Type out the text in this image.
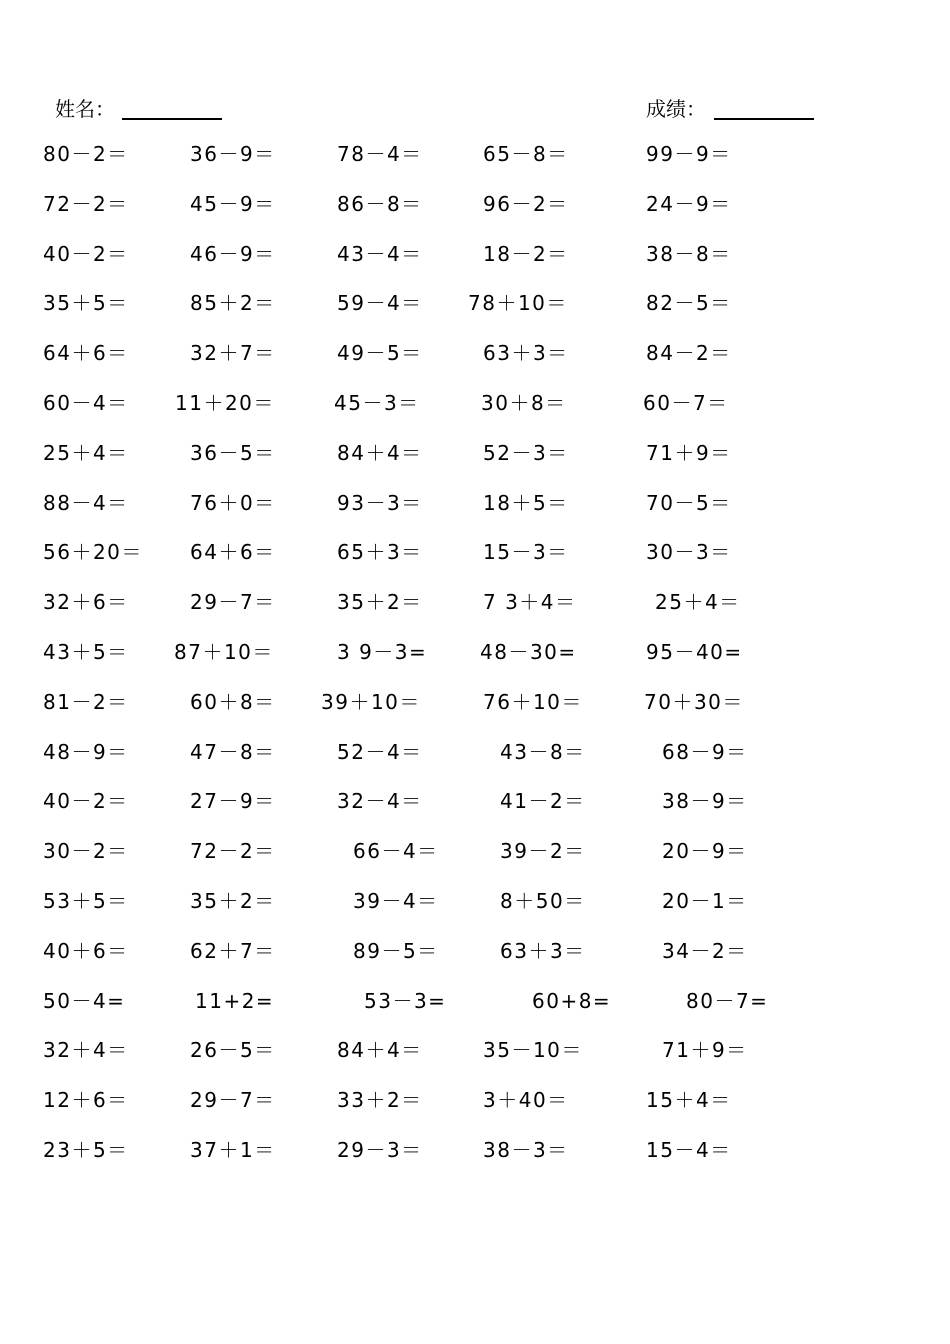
姓名：	成绩：
80－2＝	36－9＝	78－4＝	65－8＝	99－9＝
72－2＝	45－9＝	86－8＝	96－2＝	24－9＝
40－2＝	46－9＝	43－4＝	18－2＝	38－8＝
35＋5＝	85＋2＝	59－4＝ 78＋10＝	82－5＝
64＋6＝	32＋7＝	49－5＝	63＋3＝	84－2＝
60－4＝ 11＋20＝	45－3＝	30＋8＝	60－7＝
25＋4＝	36－5＝	84＋4＝	52－3＝	71＋9＝
88－4＝	76＋0＝	93－3＝	18＋5＝	70－5＝
56＋20＝ 64＋6＝	65＋3＝	15－3＝	30－3＝
32＋6＝	29－7＝	35＋2＝	7 3＋4＝	25＋4＝
43＋5＝ 87＋10＝	3 9－3=	48－30=	95－40=
81－2＝	60＋8＝ 39＋10＝	76＋10＝	70＋30＝
48－9＝	47－8＝	52－4＝	43－8＝	68－9＝
40－2＝	27－9＝	32－4＝	41－2＝	38－9＝
30－2＝	72－2＝	66－4＝	39－2＝	20－9＝
53＋5＝	35＋2＝	39－4＝	8＋50＝	20－1＝
40＋6＝	62＋7＝	89－5＝	63＋3＝	34－2＝
50－4=	11+2=	53－3=	60+8=	80－7=
32＋4＝	26－5＝	84＋4＝	35－10＝	71＋9＝
12＋6＝	29－7＝	33＋2＝	3＋40＝	15＋4＝
23＋5＝	37＋1＝	29－3＝	38－3＝	15－4＝
